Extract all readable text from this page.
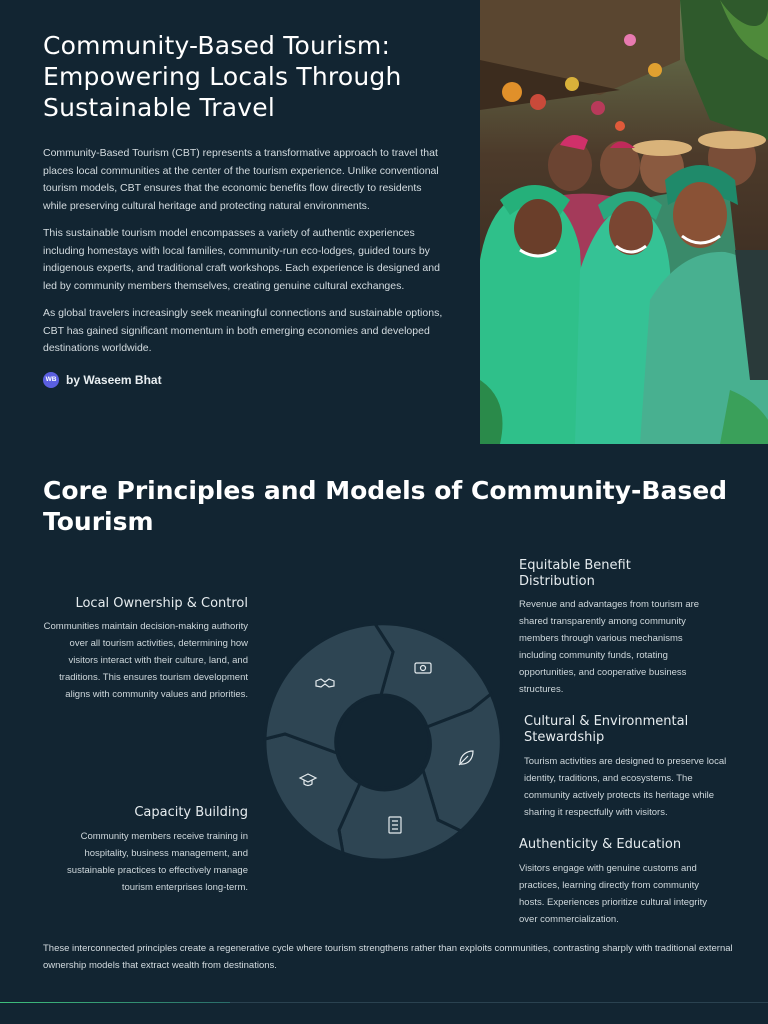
Community-Based Tourism: Empowering Locals Through Sustainable Travel

Community-Based Tourism (CBT) represents a transformative approach to travel that places local communities at the center of the tourism experience. Unlike conventional tourism models, CBT ensures that the economic benefits flow directly to residents while preserving cultural heritage and protecting natural environments.

This sustainable tourism model encompasses a variety of authentic experiences including homestays with local families, community-run eco-lodges, guided tours by indigenous experts, and traditional craft workshops. Each experience is designed and led by community members themselves, creating genuine cultural exchanges.

As global travelers increasingly seek meaningful connections and sustainable options, CBT has gained significant momentum in both emerging economies and developed destinations worldwide.

WB by Waseem Bhat
Core Principles and Models of Community-Based Tourism
Local Ownership & Control
Communities maintain decision-making authority over all tourism activities, determining how visitors interact with their culture, land, and traditions. This ensures tourism development aligns with community values and priorities.
Capacity Building
Community members receive training in hospitality, business management, and sustainable practices to effectively manage tourism enterprises long-term.
Equitable Benefit Distribution
Revenue and advantages from tourism are shared transparently among community members through various mechanisms including community funds, rotating opportunities, and cooperative business structures.
Cultural & Environmental Stewardship
Tourism activities are designed to preserve local identity, traditions, and ecosystems. The community actively protects its heritage while sharing it respectfully with visitors.
Authenticity & Education
Visitors engage with genuine customs and practices, learning directly from community hosts. Experiences prioritize cultural integrity over commercialization.

These interconnected principles create a regenerative cycle where tourism strengthens rather than exploits communities, contrasting sharply with traditional external ownership models that extract wealth from destinations.
